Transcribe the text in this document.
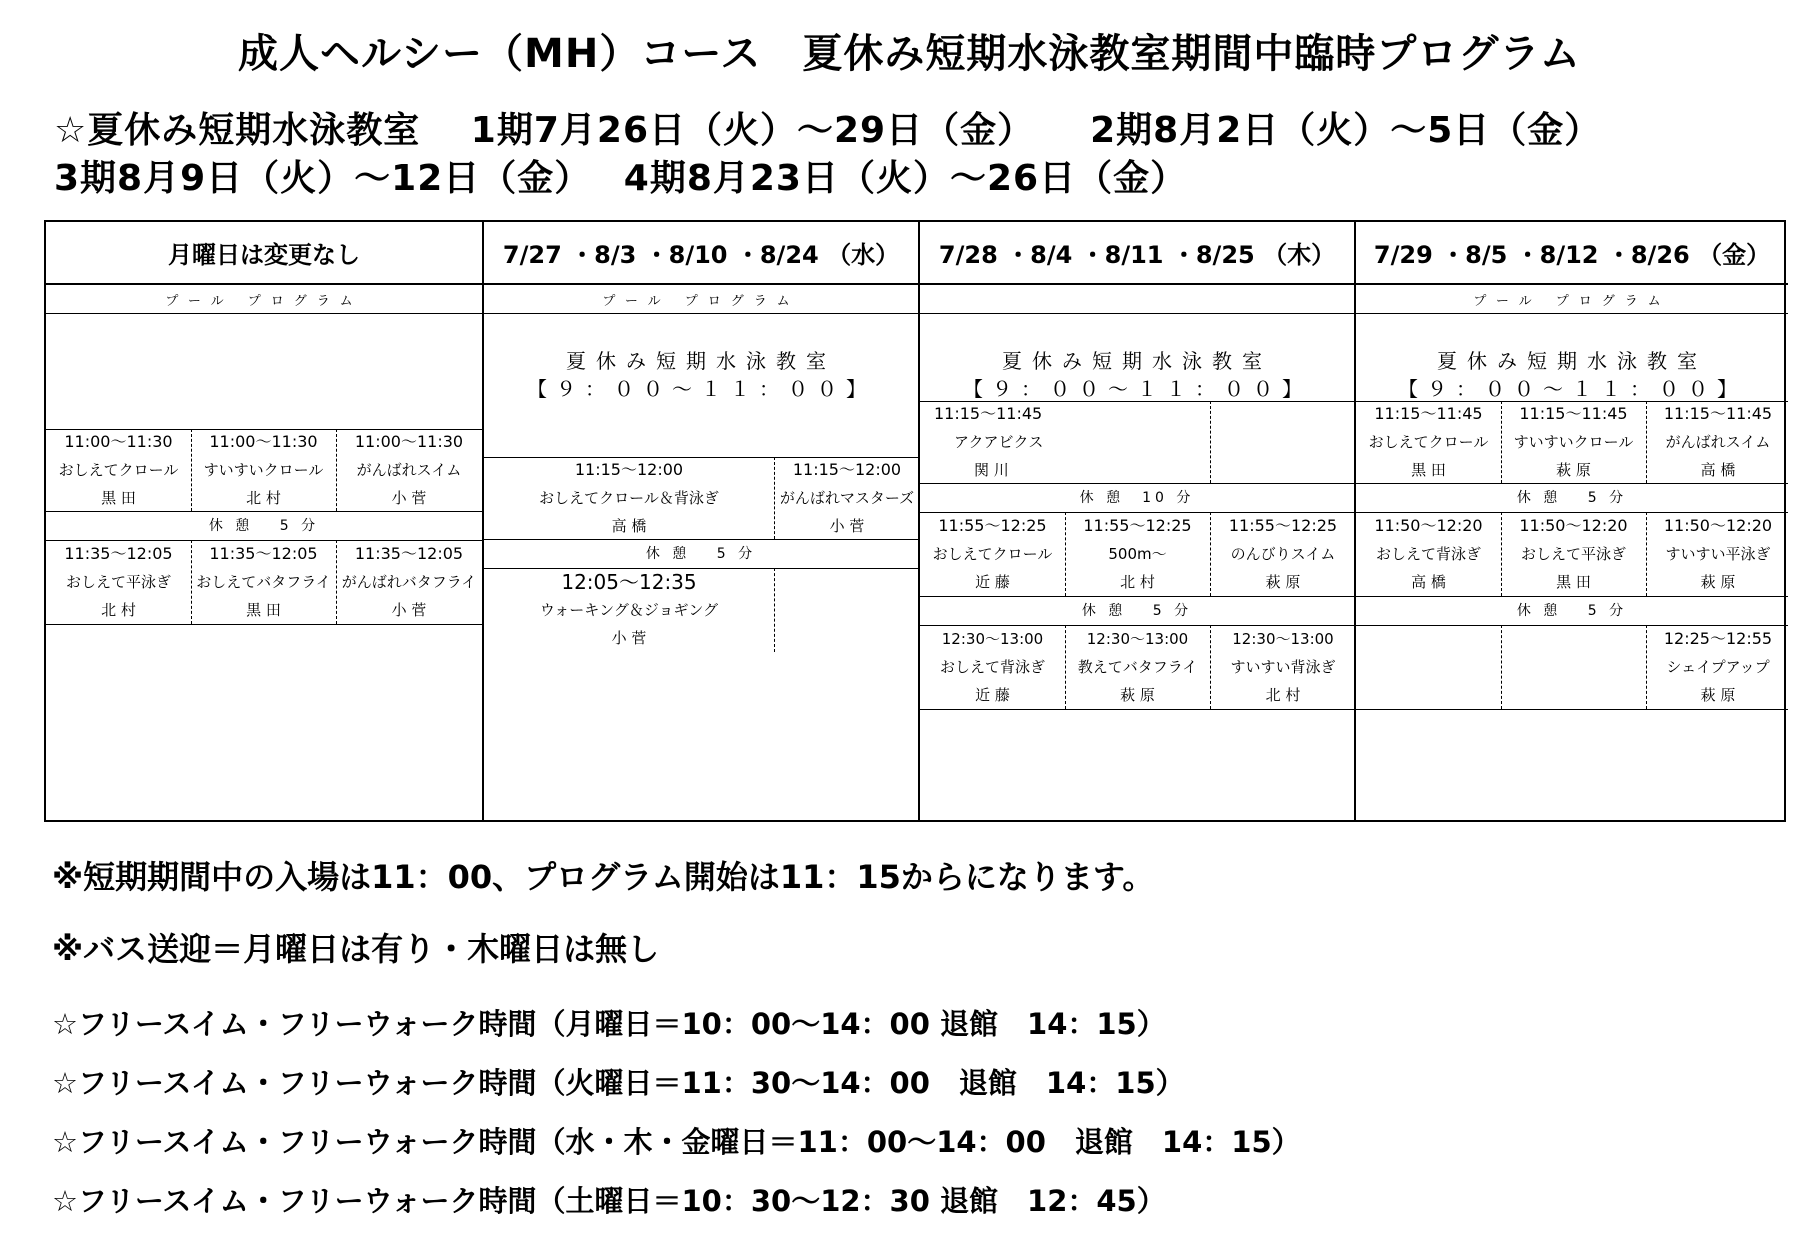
成人ヘルシー（MH）コース　夏休み短期水泳教室期間中臨時プログラム
☆夏休み短期水泳教室　 1期7月26日（火）～29日（金）　　2期8月2日（火）～5日（金）
3期8月9日（火）～12日（金）　 4期8月23日（火）～26日（金）
月曜日は変更なし
プール プログラム
11:00～11:30
おしえてクロール
黒 田
11:00～11:30
すいすいクロール
北 村
11:00～11:30
がんばれスイム
小 菅
休 憩　 5 分
11:35～12:05
おしえて平泳ぎ
北 村
11:35～12:05
おしえてバタフライ
黒 田
11:35～12:05
がんばれバタフライ
小 菅
7/27 ・8/3 ・8/10 ・8/24 （水）
プール プログラム
夏休み短期水泳教室
【９：００～１１：００】
11:15～12:00
おしえてクロール＆背泳ぎ
高 橋
11:15～12:00
がんばれマスターズ
小 菅
休 憩　 5 分
12:05～12:35
ウォーキング＆ジョギング
小 菅
7/28 ・8/4 ・8/11 ・8/25 （木）
夏休み短期水泳教室
【９：００～１１：００】
11:15～11:45
アクアビクス
関 川
休 憩　10 分
11:55～12:25
おしえてクロール
近 藤
11:55～12:25
500m～
北 村
11:55～12:25
のんびりスイム
萩 原
休 憩　 5 分
12:30～13:00
おしえて背泳ぎ
近 藤
12:30～13:00
教えてバタフライ
萩 原
12:30～13:00
すいすい背泳ぎ
北 村
7/29 ・8/5 ・8/12 ・8/26 （金）
プール プログラム
夏休み短期水泳教室
【９：００～１１：００】
11:15～11:45
おしえてクロール
黒 田
11:15～11:45
すいすいクロール
萩 原
11:15～11:45
がんばれスイム
高 橋
休 憩　 5 分
11:50～12:20
おしえて背泳ぎ
高 橋
11:50～12:20
おしえて平泳ぎ
黒 田
11:50～12:20
すいすい平泳ぎ
萩 原
休 憩　 5 分
12:25～12:55
シェイプアップ
萩 原
※短期期間中の入場は11：00、プログラム開始は11：15からになります。
※バス送迎＝月曜日は有り・木曜日は無し
☆フリースイム・フリーウォーク時間（月曜日＝10：00～14：00 退館　14：15）
☆フリースイム・フリーウォーク時間（火曜日＝11：30～14：00　退館　14：15）
☆フリースイム・フリーウォーク時間（水・木・金曜日＝11：00～14：00　退館　14：15）
☆フリースイム・フリーウォーク時間（土曜日＝10：30～12：30 退館　12：45）
